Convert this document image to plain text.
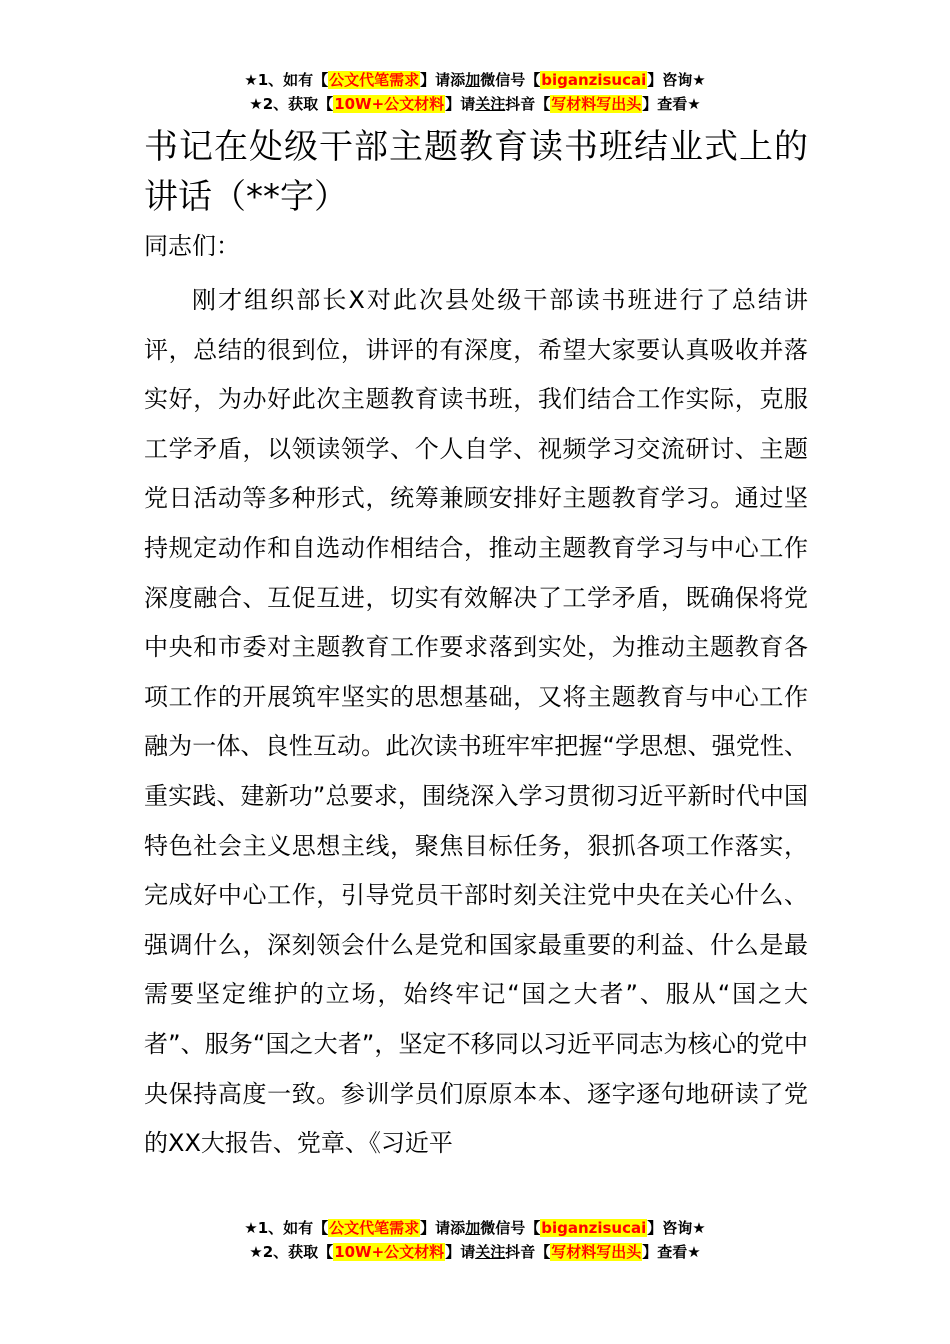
★1、如有【公文代笔需求】请添加微信号【biganzisucai】咨询★
★2、获取【10W+公文材料】请关注抖音【写材料写出头】查看★
书记在处级干部主题教育读书班结业式上的讲话（**字）

同志们：

刚才组织部长X对此次县处级干部读书班进行了总结讲评，总结的很到位，讲评的有深度，希望大家要认真吸收并落实好，为办好此次主题教育读书班，我们结合工作实际，克服工学矛盾，以领读领学、个人自学、视频学习交流研讨、主题党日活动等多种形式，统筹兼顾安排好主题教育学习。通过坚持规定动作和自选动作相结合，推动主题教育学习与中心工作深度融合、互促互进，切实有效解决了工学矛盾，既确保将党中央和市委对主题教育工作要求落到实处，为推动主题教育各项工作的开展筑牢坚实的思想基础，又将主题教育与中心工作融为一体、良性互动。此次读书班牢牢把握“学思想、强党性、重实践、建新功”总要求，围绕深入学习贯彻习近平新时代中国特色社会主义思想主线，聚焦目标任务，狠抓各项工作落实，完成好中心工作，引导党员干部时刻关注党中央在关心什么、强调什么，深刻领会什么是党和国家最重要的利益、什么是最需要坚定维护的立场，始终牢记“国之大者”、服从“国之大者”、服务“国之大者”，坚定不移同以习近平同志为核心的党中央保持高度一致。参训学员们原原本本、逐字逐句地研读了党的XX大报告、党章、《习近平

★1、如有【公文代笔需求】请添加微信号【biganzisucai】咨询★
★2、获取【10W+公文材料】请关注抖音【写材料写出头】查看★
